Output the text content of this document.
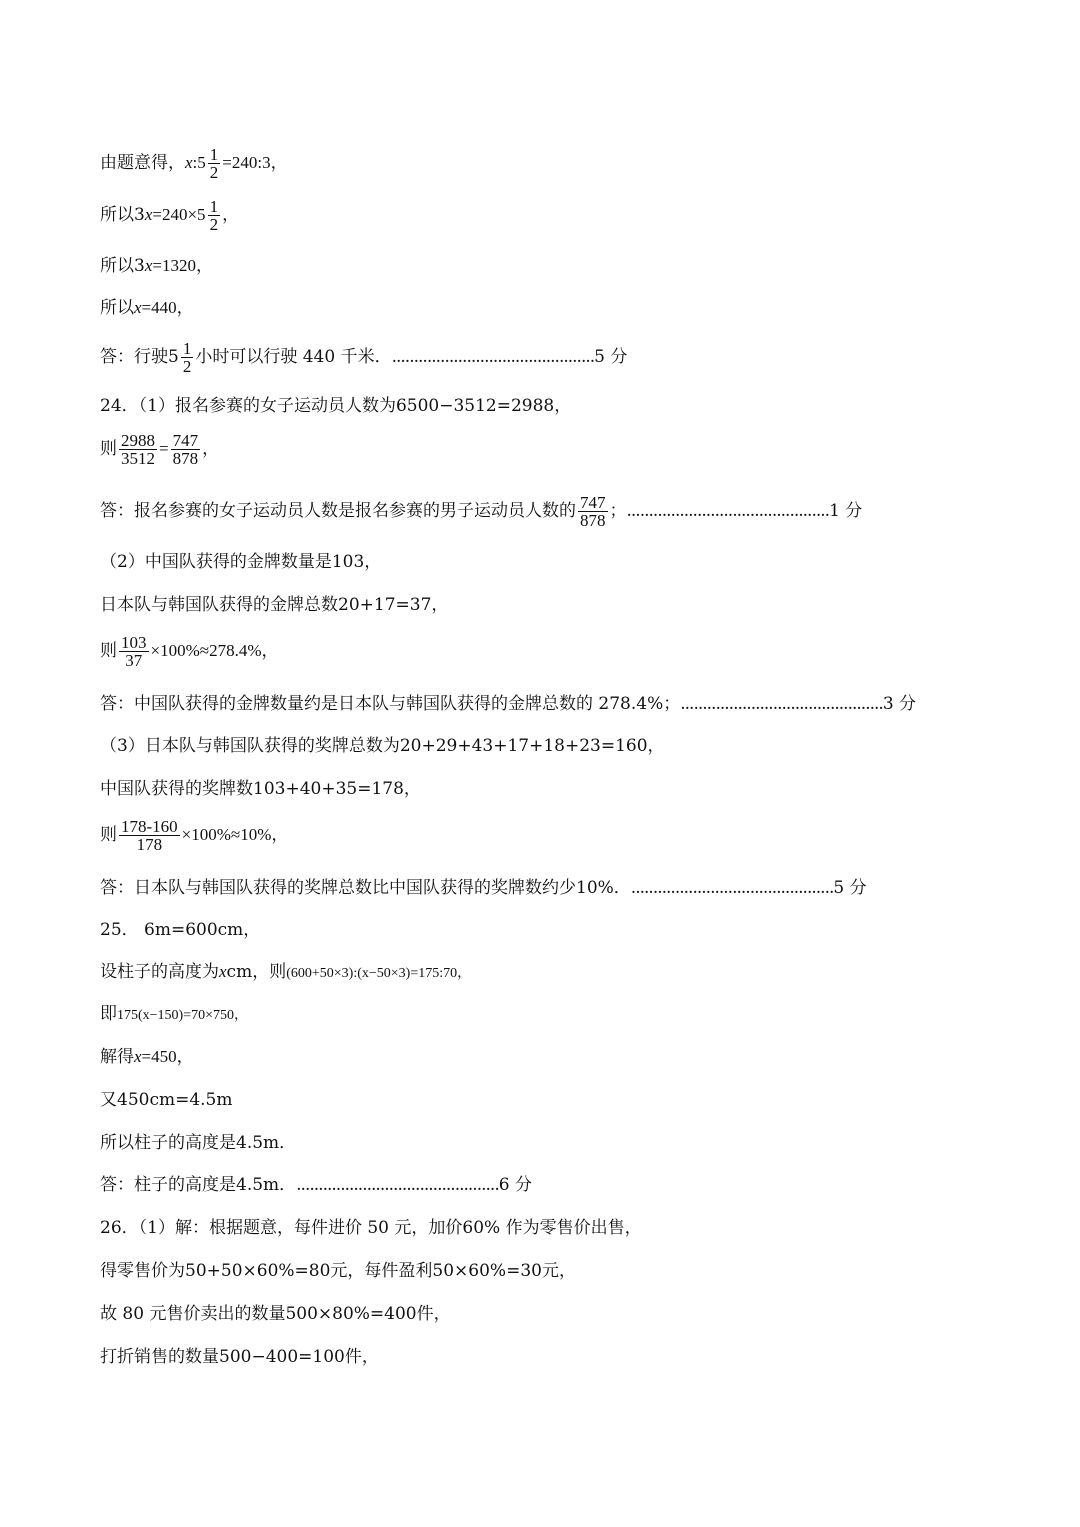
由题意得，x:5 $\frac{1}{2}$ =240:3，
所以$3x=240\times 5 \frac{1}{2}$ ，
所以3x=1320，
所以x=440，
答：行驶$5 \frac{1}{2}$ 小时可以行驶 440 千米．..............................................5 分
24．（1）报名参赛的女子运动员人数为6500−3512=2988，
则 $\frac{2988}{3512} = \frac{747}{878}$ ，
答：报名参赛的女子运动员人数是报名参赛的男子运动员人数的 $\frac{747}{878}$ ；..............................................1 分
（2）中国队获得的金牌数量是103，
日本队与韩国队获得的金牌总数20+17=37，
则 $\frac{103}{37} \times 100\%\approx 278.4\%$，
答：中国队获得的金牌数量约是日本队与韩国队获得的金牌总数的 278.4%；..............................................3 分
（3）日本队与韩国队获得的奖牌总数为20+29+43+17+18+23=160，
中国队获得的奖牌数103+40+35=178，
则 $\frac{178-160}{178} \times 100\%\approx 10\%$，
答：日本队与韩国队获得的奖牌总数比中国队获得的奖牌数约少10%．..............................................5 分
25． 6m=600cm，
设柱子的高度为xcm，则(600+50×3):(x−50×3)=175:70，
即175(x−150)=70×750，
解得x=450，
又450cm=4.5m
所以柱子的高度是4.5m．
答：柱子的高度是4.5m．..............................................6 分
26．（1）解：根据题意，每件进价 50 元，加价60% 作为零售价出售，
得零售价为50+50×60%=80元，每件盈利50×60%=30元，
故 80 元售价卖出的数量500×80%=400件，
打折销售的数量500−400=100件，
